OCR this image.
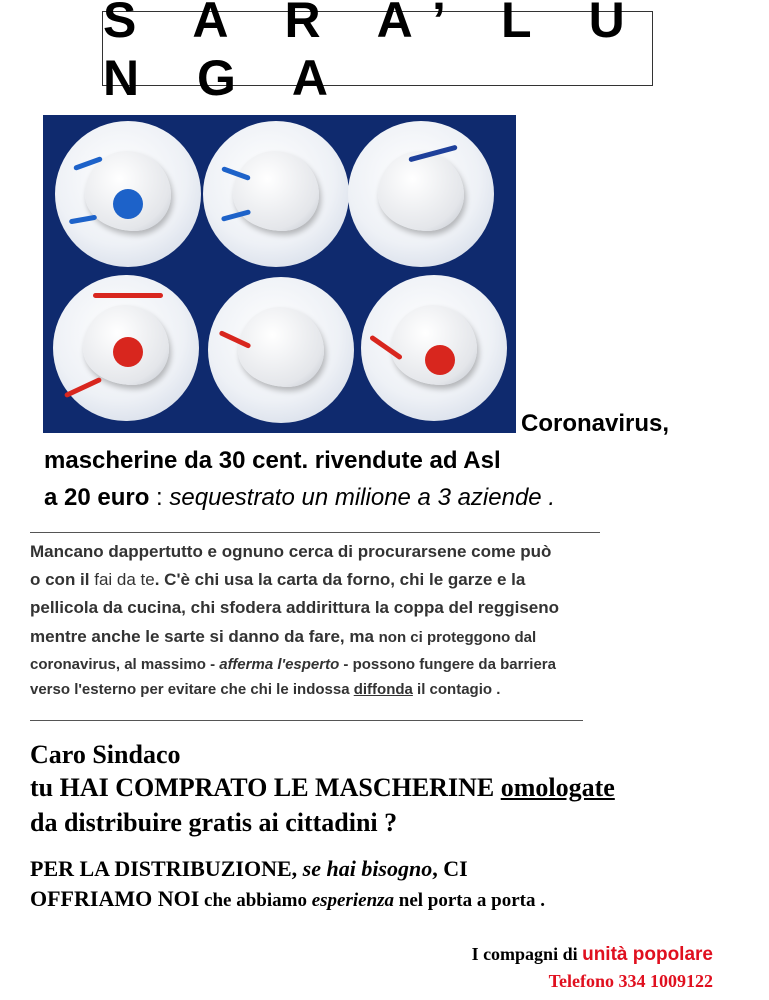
S A R A’ L U N G A
Coronavirus,
mascherine da 30 cent. rivendute ad Asl
a 20 euro : sequestrato un milione a 3 aziende .
Mancano dappertutto e ognuno cerca di procurarsene come può
o con il fai da te. C'è chi usa la carta da forno, chi le garze e la
pellicola da cucina, chi sfodera addirittura la coppa del reggiseno
mentre anche le sarte si danno da fare, ma non ci proteggono dal
coronavirus, al massimo - afferma l'esperto - possono fungere da barriera
verso l'esterno per evitare che chi le indossa diffonda il contagio .
Caro Sindaco
tu HAI COMPRATO LE MASCHERINE omologate
da distribuire gratis ai cittadini ?
PER LA DISTRIBUZIONE, se hai bisogno, CI
OFFRIAMO NOI che abbiamo esperienza nel porta a porta .
I compagni di unità popolare
Telefono 334 1009122
